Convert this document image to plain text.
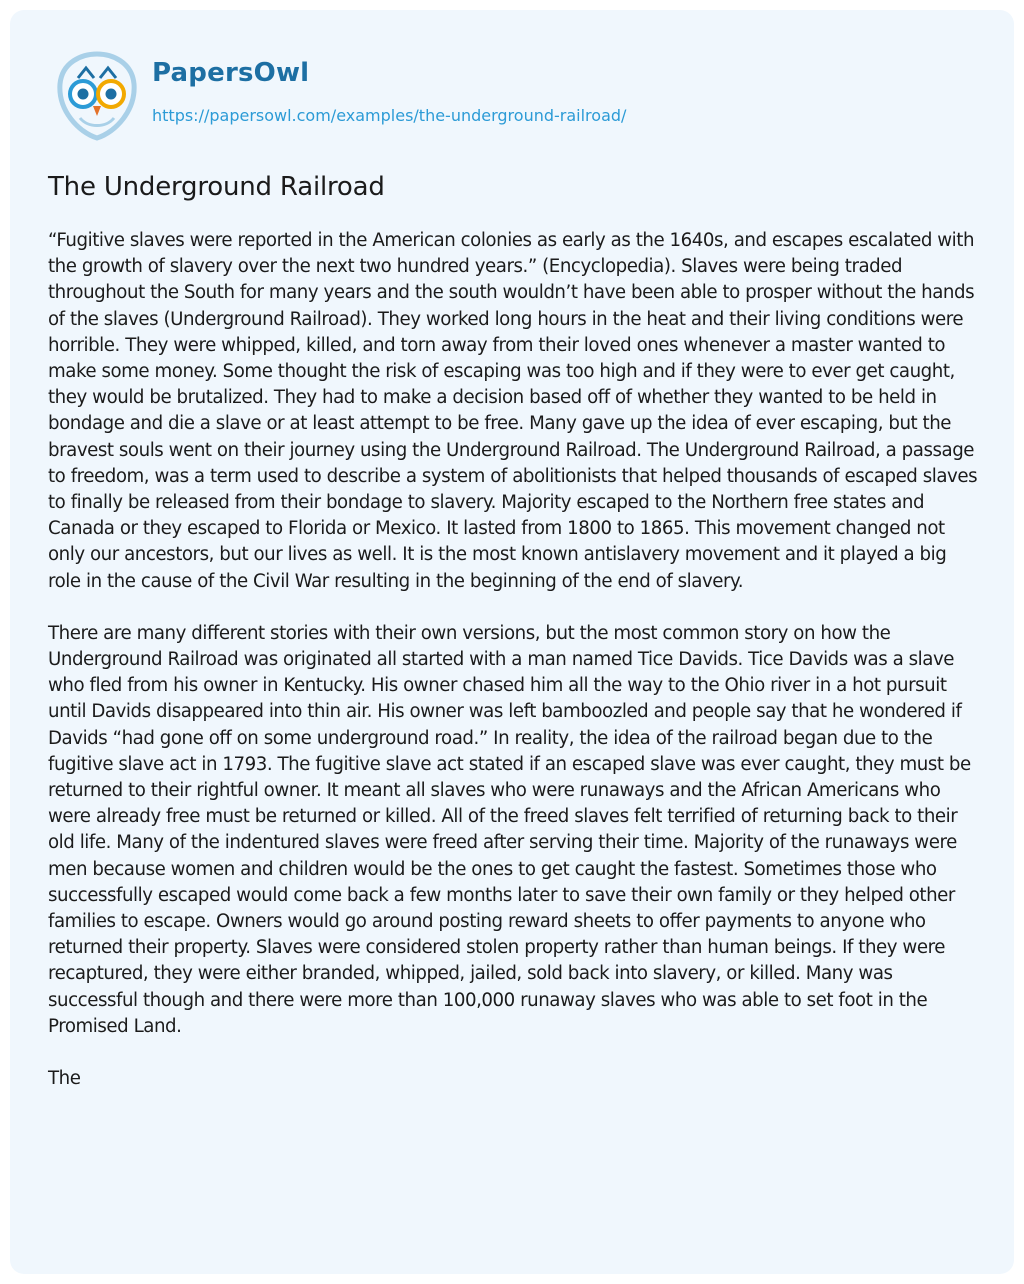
PapersOwl
https://papersowl.com/examples/the-underground-railroad/
The Underground Railroad

“Fugitive slaves were reported in the American colonies as early as the 1640s, and escapes escalated with the growth of slavery over the next two hundred years.” (Encyclopedia). Slaves were being traded throughout the South for many years and the south wouldn’t have been able to prosper without the hands of the slaves (Underground Railroad). They worked long hours in the heat and their living conditions were horrible. They were whipped, killed, and torn away from their loved ones whenever a master wanted to make some money. Some thought the risk of escaping was too high and if they were to ever get caught, they would be brutalized. They had to make a decision based off of whether they wanted to be held in bondage and die a slave or at least attempt to be free. Many gave up the idea of ever escaping, but the bravest souls went on their journey using the Underground Railroad. The Underground Railroad, a passage to freedom, was a term used to describe a system of abolitionists that helped thousands of escaped slaves to finally be released from their bondage to slavery. Majority escaped to the Northern free states and Canada or they escaped to Florida or Mexico. It lasted from 1800 to 1865. This movement changed not only our ancestors, but our lives as well. It is the most known antislavery movement and it played a big role in the cause of the Civil War resulting in the beginning of the end of slavery.

There are many different stories with their own versions, but the most common story on how the Underground Railroad was originated all started with a man named Tice Davids. Tice Davids was a slave who fled from his owner in Kentucky. His owner chased him all the way to the Ohio river in a hot pursuit until Davids disappeared into thin air. His owner was left bamboozled and people say that he wondered if Davids “had gone off on some underground road.” In reality, the idea of the railroad began due to the fugitive slave act in 1793. The fugitive slave act stated if an escaped slave was ever caught, they must be returned to their rightful owner. It meant all slaves who were runaways and the African Americans who were already free must be returned or killed. All of the freed slaves felt terrified of returning back to their old life. Many of the indentured slaves were freed after serving their time. Majority of the runaways were men because women and children would be the ones to get caught the fastest. Sometimes those who successfully escaped would come back a few months later to save their own family or they helped other families to escape. Owners would go around posting reward sheets to offer payments to anyone who returned their property. Slaves were considered stolen property rather than human beings. If they were recaptured, they were either branded, whipped, jailed, sold back into slavery, or killed. Many was successful though and there were more than 100,000 runaway slaves who was able to set foot in the Promised Land.

The
